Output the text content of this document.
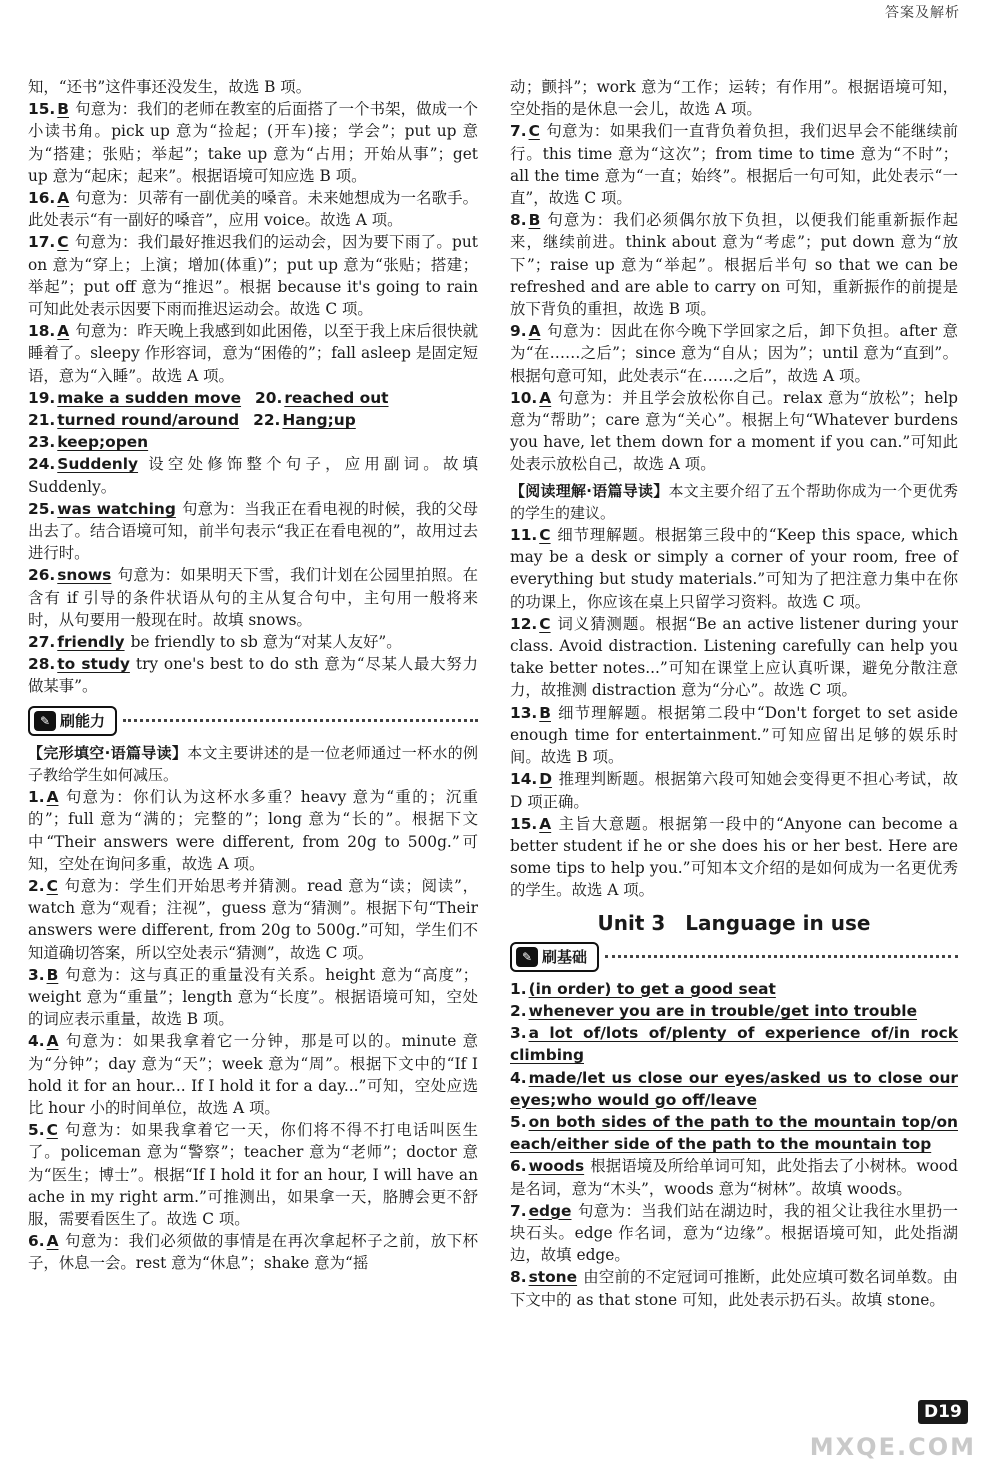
答案及解析

知，“还书”这件事还没发生，故选 B 项。

15. B 句意为：我们的老师在教室的后面搭了一个书架，做成一个小读书角。pick up 意为“捡起；(开车)接；学会”；put up 意为“搭建；张贴；举起”；take up 意为“占用；开始从事”；get up 意为“起床；起来”。根据语境可知应选 B 项。

16. A 句意为：贝蒂有一副优美的嗓音。未来她想成为一名歌手。此处表示“有一副好的嗓音”，应用 voice。故选 A 项。

17. C 句意为：我们最好推迟我们的运动会，因为要下雨了。put on 意为“穿上；上演；增加(体重)”；put up 意为“张贴；搭建；举起”；put off 意为“推迟”。根据 because it's going to rain 可知此处表示因要下雨而推迟运动会。故选 C 项。

18. A 句意为：昨天晚上我感到如此困倦，以至于我上床后很快就睡着了。sleepy 作形容词，意为“困倦的”；fall asleep 是固定短语，意为“入睡”。故选 A 项。

19. make a sudden move 20. reached out

21. turned round/around 22. Hang;up

23. keep;open

24. Suddenly 设空处修饰整个句子，应用副词。故填 Suddenly。

25. was watching 句意为：当我正在看电视的时候，我的父母出去了。结合语境可知，前半句表示“我正在看电视的”，故用过去进行时。

26. snows 句意为：如果明天下雪，我们计划在公园里拍照。在含有 if 引导的条件状语从句的主从复合句中，主句用一般将来时，从句要用一般现在时。故填 snows。

27. friendly be friendly to sb 意为“对某人友好”。

28. to study try one's best to do sth 意为“尽某人最大努力做某事”。

✎ 刷能力

【完形填空·语篇导读】本文主要讲述的是一位老师通过一杯水的例子教给学生如何减压。

1. A 句意为：你们认为这杯水多重？heavy 意为“重的；沉重的”；full 意为“满的；完整的”；long 意为“长的”。根据下文中“Their answers were different, from 20g to 500g.”可知，空处在询问多重，故选 A 项。

2. C 句意为：学生们开始思考并猜测。read 意为“读；阅读”，watch 意为“观看；注视”，guess 意为“猜测”。根据下句“Their answers were different, from 20g to 500g.”可知，学生们不知道确切答案，所以空处表示“猜测”，故选 C 项。

3. B 句意为：这与真正的重量没有关系。height 意为“高度”；weight 意为“重量”；length 意为“长度”。根据语境可知，空处的词应表示重量，故选 B 项。

4. A 句意为：如果我拿着它一分钟，那是可以的。minute 意为“分钟”；day 意为“天”；week 意为“周”。根据下文中的“If I hold it for an hour... If I hold it for a day...”可知，空处应选比 hour 小的时间单位，故选 A 项。

5. C 句意为：如果我拿着它一天，你们将不得不打电话叫医生了。policeman 意为“警察”；teacher 意为“老师”；doctor 意为“医生；博士”。根据“If I hold it for an hour, I will have an ache in my right arm.”可推测出，如果拿一天，胳膊会更不舒服，需要看医生了。故选 C 项。

6. A 句意为：我们必须做的事情是在再次拿起杯子之前，放下杯子，休息一会。rest 意为“休息”；shake 意为“摇

动；颤抖”；work 意为“工作；运转；有作用”。根据语境可知，空处指的是休息一会儿，故选 A 项。

7. C 句意为：如果我们一直背负着负担，我们迟早会不能继续前行。this time 意为“这次”；from time to time 意为“不时”；all the time 意为“一直；始终”。根据后一句可知，此处表示“一直”，故选 C 项。

8. B 句意为：我们必须偶尔放下负担，以便我们能重新振作起来，继续前进。think about 意为“考虑”；put down 意为“放下”；raise up 意为“举起”。根据后半句 so that we can be refreshed and are able to carry on 可知，重新振作的前提是放下背负的重担，故选 B 项。

9. A 句意为：因此在你今晚下学回家之后，卸下负担。after 意为“在……之后”；since 意为“自从；因为”；until 意为“直到”。根据句意可知，此处表示“在……之后”，故选 A 项。

10. A 句意为：并且学会放松你自己。relax 意为“放松”；help 意为“帮助”；care 意为“关心”。根据上句“Whatever burdens you have, let them down for a moment if you can.”可知此处表示放松自己，故选 A 项。

【阅读理解·语篇导读】本文主要介绍了五个帮助你成为一个更优秀的学生的建议。

11. C 细节理解题。根据第三段中的“Keep this space, which may be a desk or simply a corner of your room, free of everything but study materials.”可知为了把注意力集中在你的功课上，你应该在桌上只留学习资料。故选 C 项。

12. C 词义猜测题。根据“Be an active listener during your class. Avoid distraction. Listening carefully can help you take better notes...”可知在课堂上应认真听课，避免分散注意力，故推测 distraction 意为“分心”。故选 C 项。

13. B 细节理解题。根据第二段中“Don't forget to set aside enough time for entertainment.”可知应留出足够的娱乐时间。故选 B 项。

14. D 推理判断题。根据第六段可知她会变得更不担心考试，故 D 项正确。

15. A 主旨大意题。根据第一段中的“Anyone can become a better student if he or she does his or her best. Here are some tips to help you.”可知本文介绍的是如何成为一名更优秀的学生。故选 A 项。

Unit 3　Language in use
✎ 刷基础

1. (in order) to get a good seat

2. whenever you are in trouble/get into trouble

3. a lot of/lots of/plenty of experience of/in rock climbing

4. made/let us close our eyes/asked us to close our eyes;who would go off/leave

5. on both sides of the path to the mountain top/on each/either side of the path to the mountain top

6. woods 根据语境及所给单词可知，此处指去了小树林。wood 是名词，意为“木头”，woods 意为“树林”。故填 woods。

7. edge 句意为：当我们站在湖边时，我的祖父让我往水里扔一块石头。edge 作名词，意为“边缘”。根据语境可知，此处指湖边，故填 edge。

8. stone 由空前的不定冠词可推断，此处应填可数名词单数。由下文中的 as that stone 可知，此处表示扔石头。故填 stone。

D19
MXQE.COM
